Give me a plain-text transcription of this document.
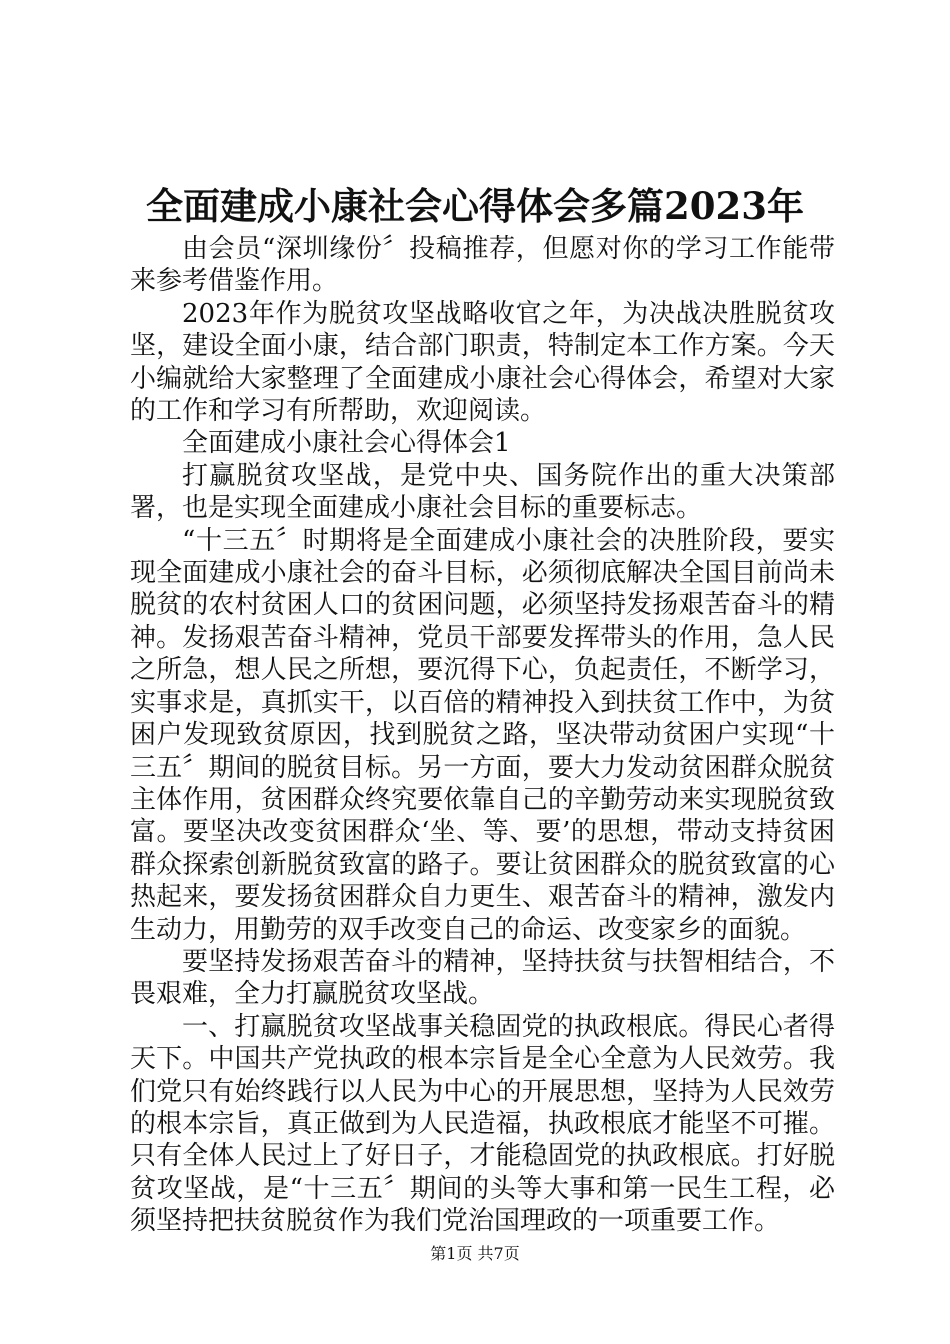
全面建成小康社会心得体会多篇2023年

由会员“深圳缘份〞投稿推荐，但愿对你的学习工作能带来参考借鉴作用。

2023年作为脱贫攻坚战略收官之年，为决战决胜脱贫攻坚，建设全面小康，结合部门职责，特制定本工作方案。今天小编就给大家整理了全面建成小康社会心得体会，希望对大家的工作和学习有所帮助，欢迎阅读。

全面建成小康社会心得体会1

打赢脱贫攻坚战，是党中央、国务院作出的重大决策部署，也是实现全面建成小康社会目标的重要标志。

“十三五〞时期将是全面建成小康社会的决胜阶段，要实现全面建成小康社会的奋斗目标，必须彻底解决全国目前尚未脱贫的农村贫困人口的贫困问题，必须坚持发扬艰苦奋斗的精神。发扬艰苦奋斗精神，党员干部要发挥带头的作用，急人民之所急，想人民之所想，要沉得下心，负起责任，不断学习，实事求是，真抓实干，以百倍的精神投入到扶贫工作中，为贫困户发现致贫原因，找到脱贫之路，坚决带动贫困户实现“十三五〞期间的脱贫目标。另一方面，要大力发动贫困群众脱贫主体作用，贫困群众终究要依靠自己的辛勤劳动来实现脱贫致富。要坚决改变贫困群众‘坐、等、要’的思想，带动支持贫困群众探索创新脱贫致富的路子。要让贫困群众的脱贫致富的心热起来，要发扬贫困群众自力更生、艰苦奋斗的精神，激发内生动力，用勤劳的双手改变自己的命运、改变家乡的面貌。

要坚持发扬艰苦奋斗的精神，坚持扶贫与扶智相结合，不畏艰难，全力打赢脱贫攻坚战。

一、打赢脱贫攻坚战事关稳固党的执政根底。得民心者得天下。中国共产党执政的根本宗旨是全心全意为人民效劳。我们党只有始终践行以人民为中心的开展思想，坚持为人民效劳的根本宗旨，真正做到为人民造福，执政根底才能坚不可摧。只有全体人民过上了好日子，才能稳固党的执政根底。打好脱贫攻坚战，是“十三五〞期间的头等大事和第一民生工程，必须坚持把扶贫脱贫作为我们党治国理政的一项重要工作。

第1页 共7页
